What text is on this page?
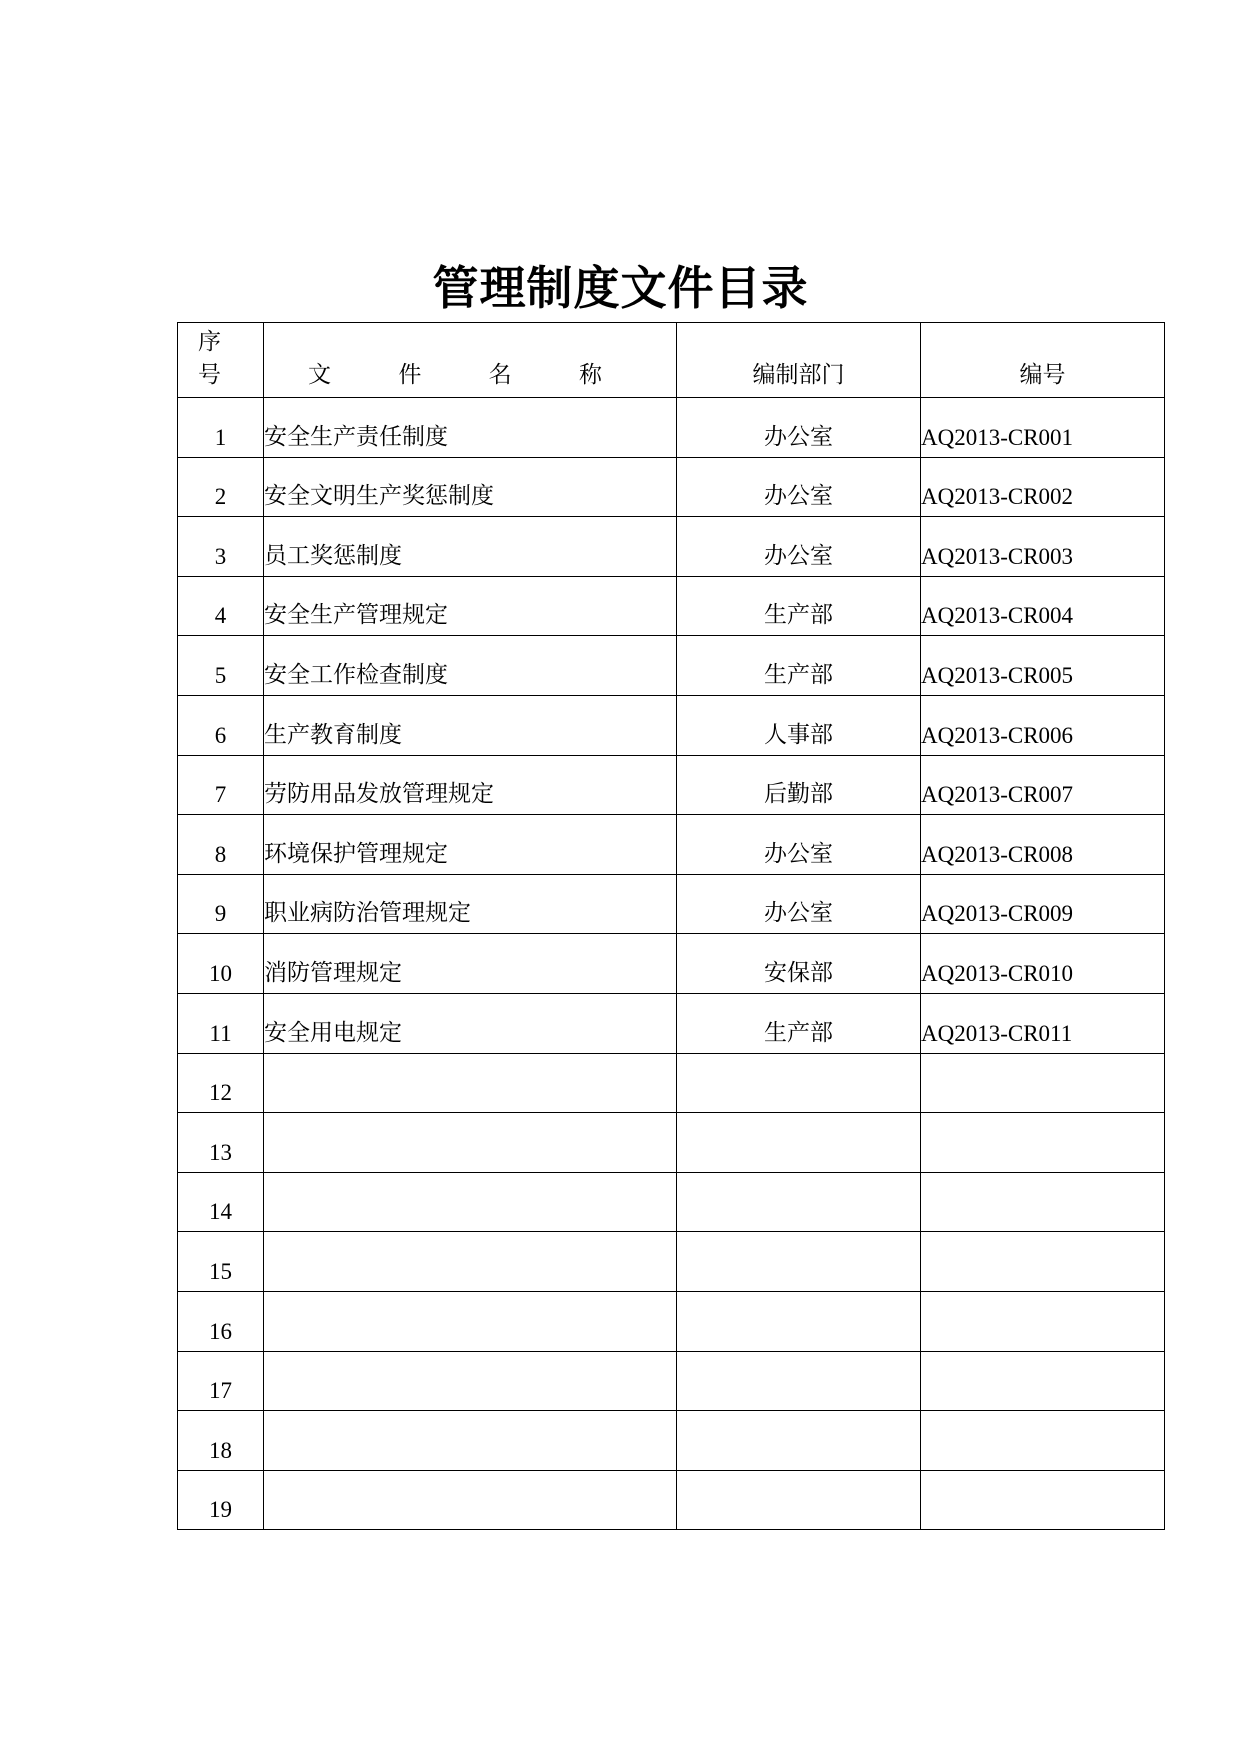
管理制度文件目录
序 号	文 件 名 称	编制部门	编号
1	安全生产责任制度	办公室	AQ2013-CR001
2	安全文明生产奖惩制度	办公室	AQ2013-CR002
3	员工奖惩制度	办公室	AQ2013-CR003
4	安全生产管理规定	生产部	AQ2013-CR004
5	安全工作检查制度	生产部	AQ2013-CR005
6	生产教育制度	人事部	AQ2013-CR006
7	劳防用品发放管理规定	后勤部	AQ2013-CR007
8	环境保护管理规定	办公室	AQ2013-CR008
9	职业病防治管理规定	办公室	AQ2013-CR009
10	消防管理规定	安保部	AQ2013-CR010
11	安全用电规定	生产部	AQ2013-CR011
12			
13			
14			
15			
16			
17			
18			
19			
